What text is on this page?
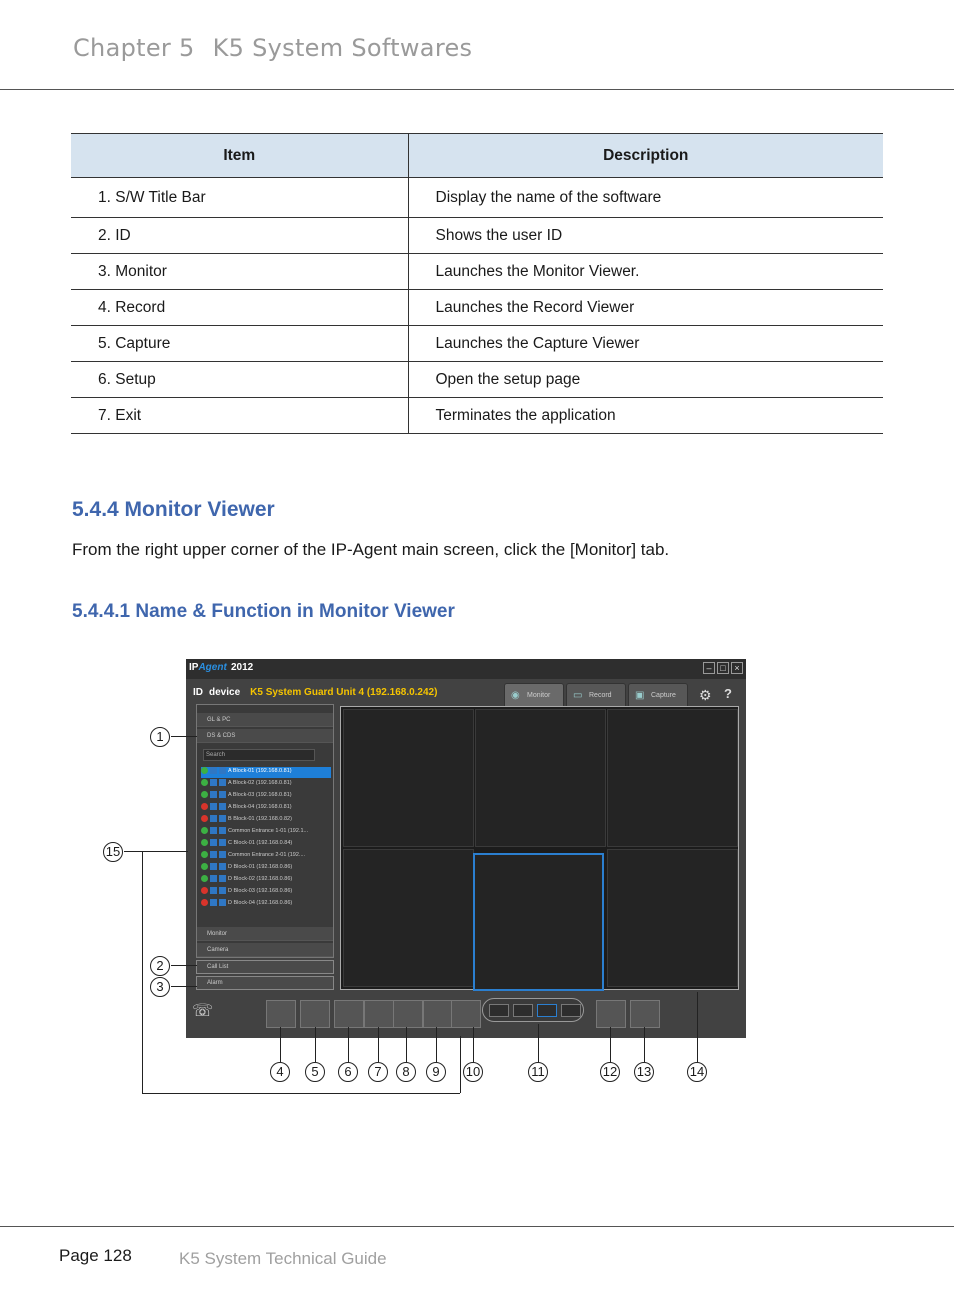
Chapter 5 K5 System Softwares
Item	Description
1. S/W Title Bar	Display the name of the software
2. ID	Shows the user ID
3. Monitor	Launches the Monitor Viewer.
4. Record	Launches the Record Viewer
5. Capture	Launches the Capture Viewer
6. Setup	Open the setup page
7. Exit	Terminates the application
5.4.4 Monitor Viewer
From the right upper corner of the IP-Agent main screen, click the [Monitor] tab.
5.4.4.1 Name & Function in Monitor Viewer
IPAgent 2012	– □ ×
ID device K5 System Guard Unit 4 (192.168.0.242)	◉ Monitor	▭ Record	▣ Capture	⚙ ?
GL & PC
DS & CDS
Search
A Block-01 (192.168.0.81)
A Block-02 (192.168.0.81)
A Block-03 (192.168.0.81)
A Block-04 (192.168.0.81)
B Block-01 (192.168.0.82)
Common Entrance 1-01 (192.1...
C Block-01 (192.168.0.84)
Common Entrance 2-01 (192....
D Block-01 (192.168.0.86)
D Block-02 (192.168.0.86)
D Block-03 (192.168.0.86)
D Block-04 (192.168.0.86)
Monitor
Camera
Call List
Alarm
☏
1
2
3
4	5	6	7	8	9	10	11	12 13	14
15
Page 128	K5 System Technical Guide
